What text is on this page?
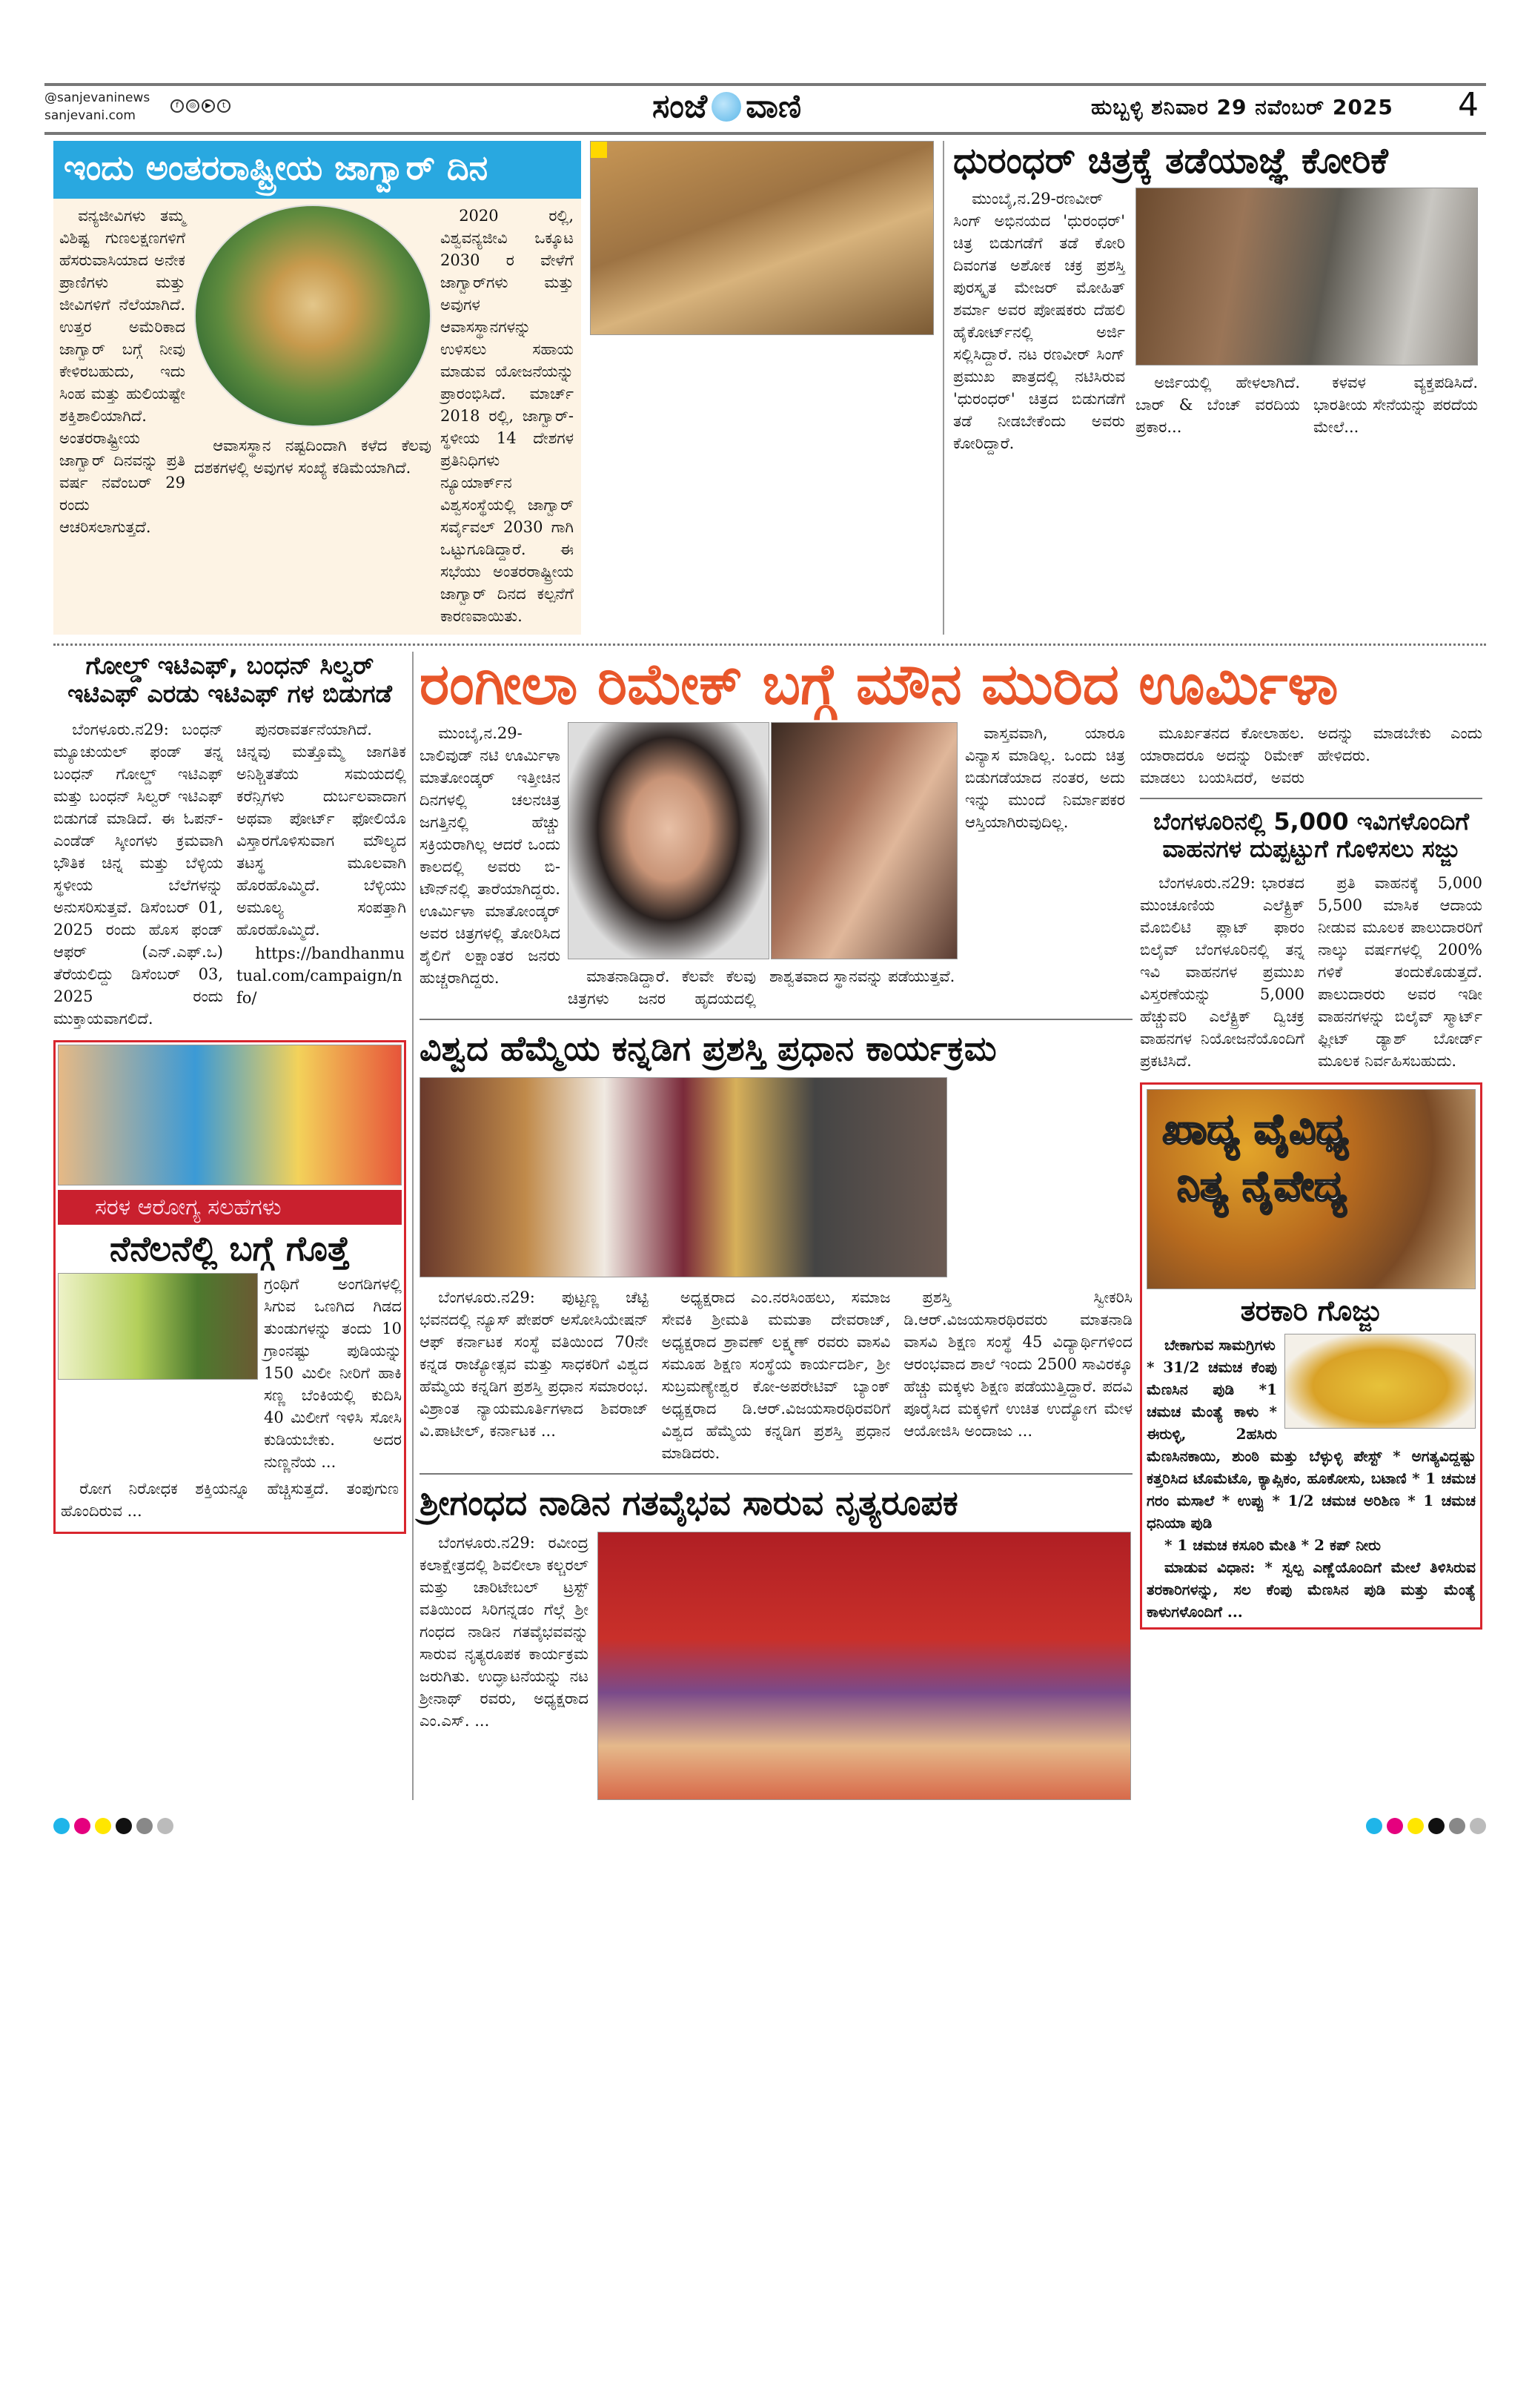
@sanjevaninews
sanjevani.com
f	◎	▶	t	ಸಂಜೆ ವಾಣಿ	ಹುಬ್ಬಳ್ಳಿ ಶನಿವಾರ 29 ನವೆಂಬರ್ 2025 4
ಇಂದು ಅಂತರರಾಷ್ಟ್ರೀಯ ಜಾಗ್ವಾರ್ ದಿನ

ವನ್ಯಜೀವಿಗಳು ತಮ್ಮ ವಿಶಿಷ್ಟ ಗುಣಲಕ್ಷಣಗಳಿಗೆ ಹೆಸರುವಾಸಿಯಾದ ಅನೇಕ ಪ್ರಾಣಿಗಳು ಮತ್ತು ಜೀವಿಗಳಿಗೆ ನೆಲೆಯಾಗಿದೆ. ಉತ್ತರ ಅಮೆರಿಕಾದ ಜಾಗ್ವಾರ್ ಬಗ್ಗೆ ನೀವು ಕೇಳಿರಬಹುದು, ಇದು ಸಿಂಹ ಮತ್ತು ಹುಲಿಯಷ್ಟೇ ಶಕ್ತಿಶಾಲಿಯಾಗಿದೆ. ಅಂತರರಾಷ್ಟ್ರೀಯ ಜಾಗ್ವಾರ್ ದಿನವನ್ನು ಪ್ರತಿ ವರ್ಷ ನವೆಂಬರ್ 29 ರಂದು ಆಚರಿಸಲಾಗುತ್ತದೆ.

ಆವಾಸಸ್ಥಾನ ನಷ್ಟದಿಂದಾಗಿ ಕಳೆದ ಕೆಲವು ದಶಕಗಳಲ್ಲಿ ಅವುಗಳ ಸಂಖ್ಯೆ ಕಡಿಮೆಯಾಗಿದೆ.

2020 ರಲ್ಲಿ, ವಿಶ್ವವನ್ಯಜೀವಿ ಒಕ್ಕೂಟ 2030 ರ ವೇಳೆಗೆ ಜಾಗ್ವಾರ್‌ಗಳು ಮತ್ತು ಅವುಗಳ ಆವಾಸಸ್ಥಾನಗಳನ್ನು ಉಳಿಸಲು ಸಹಾಯ ಮಾಡುವ ಯೋಜನೆಯನ್ನು ಪ್ರಾರಂಭಿಸಿದೆ. ಮಾರ್ಚ್ 2018 ರಲ್ಲಿ, ಜಾಗ್ವಾರ್-ಸ್ಥಳೀಯ 14 ದೇಶಗಳ ಪ್ರತಿನಿಧಿಗಳು ನ್ಯೂಯಾರ್ಕ್‌ನ ವಿಶ್ವಸಂಸ್ಥೆಯಲ್ಲಿ ಜಾಗ್ವಾರ್ ಸರ್ವೈವಲ್ 2030 ಗಾಗಿ ಒಟ್ಟುಗೂಡಿದ್ದಾರೆ. ಈ ಸಭೆಯು ಅಂತರರಾಷ್ಟ್ರೀಯ ಜಾಗ್ವಾರ್ ದಿನದ ಕಲ್ಪನೆಗೆ ಕಾರಣವಾಯಿತು.

ಧುರಂಧರ್ ಚಿತ್ರಕ್ಕೆ ತಡೆಯಾಜ್ಞೆ ಕೋರಿಕೆ

ಮುಂಬೈ,ನ.29-ರಣವೀರ್ ಸಿಂಗ್ ಅಭಿನಯದ 'ಧುರಂಧರ್' ಚಿತ್ರ ಬಿಡುಗಡೆಗೆ ತಡೆ ಕೋರಿ ದಿವಂಗತ ಅಶೋಕ ಚಕ್ರ ಪ್ರಶಸ್ತಿ ಪುರಸ್ಕೃತ ಮೇಜರ್ ಮೋಹಿತ್ ಶರ್ಮಾ ಅವರ ಪೋಷಕರು ದೆಹಲಿ ಹೈಕೋರ್ಟ್‌ನಲ್ಲಿ ಅರ್ಜಿ ಸಲ್ಲಿಸಿದ್ದಾರೆ. ನಟ ರಣವೀರ್ ಸಿಂಗ್ ಪ್ರಮುಖ ಪಾತ್ರದಲ್ಲಿ ನಟಿಸಿರುವ 'ಧುರಂಧರ್' ಚಿತ್ರದ ಬಿಡುಗಡೆಗೆ ತಡೆ ನೀಡಬೇಕೆಂದು ಅವರು ಕೋರಿದ್ದಾರೆ.

ಅರ್ಜಿಯಲ್ಲಿ ಹೇಳಲಾಗಿದೆ. ಬಾರ್ & ಬೆಂಚ್ ವರದಿಯ ಪ್ರಕಾರ...

ಕಳವಳ ವ್ಯಕ್ತಪಡಿಸಿದೆ. ಭಾರತೀಯ ಸೇನೆಯನ್ನು ಪರದೆಯ ಮೇಲೆ...

ಗೋಲ್ಡ್ ಇಟಿಎಫ್, ಬಂಧನ್ ಸಿಲ್ವರ್ ಇಟಿಎಫ್ ಎರಡು ಇಟಿಎಫ್ ಗಳ ಬಿಡುಗಡೆ

ಬೆಂಗಳೂರು.ನ29: ಬಂಧನ್ ಮ್ಯೂಚುಯಲ್ ಫಂಡ್ ತನ್ನ ಬಂಧನ್ ಗೋಲ್ಡ್ ಇಟಿಎಫ್ ಮತ್ತು ಬಂಧನ್ ಸಿಲ್ವರ್ ಇಟಿಎಫ್ ಬಿಡುಗಡೆ ಮಾಡಿದೆ. ಈ ಓಪನ್-ಎಂಡೆಡ್ ಸ್ಕೀಂಗಳು ಕ್ರಮವಾಗಿ ಭೌತಿಕ ಚಿನ್ನ ಮತ್ತು ಬೆಳ್ಳಿಯ ಸ್ಥಳೀಯ ಬೆಲೆಗಳನ್ನು ಅನುಸರಿಸುತ್ತವೆ. ಡಿಸೆಂಬರ್ 01, 2025 ರಂದು ಹೊಸ ಫಂಡ್ ಆಫರ್ (ಎನ್.ಎಫ್.ಒ) ತೆರೆಯಲಿದ್ದು ಡಿಸೆಂಬರ್ 03, 2025 ರಂದು ಮುಕ್ತಾಯವಾಗಲಿದೆ.

ಪುನರಾವರ್ತನೆಯಾಗಿದೆ. ಚಿನ್ನವು ಮತ್ತೊಮ್ಮೆ ಜಾಗತಿಕ ಅನಿಶ್ಚಿತತೆಯ ಸಮಯದಲ್ಲಿ ಕರೆನ್ಸಿಗಳು ದುರ್ಬಲವಾದಾಗ ಅಥವಾ ಪೋರ್ಟ್ ಫೋಲಿಯೊ ವಿಸ್ತಾರಗೊಳಿಸುವಾಗ ಮೌಲ್ಯದ ತಟಸ್ಥ ಮೂಲವಾಗಿ ಹೊರಹೊಮ್ಮಿದೆ. ಬೆಳ್ಳಿಯು ಅಮೂಲ್ಯ ಸಂಪತ್ತಾಗಿ ಹೊರಹೊಮ್ಮಿದೆ.

https://bandhanmutual.com/campaign/nfo/

ಸರಳ ಆರೋಗ್ಯ ಸಲಹೆಗಳು
ನೆನೆಲನೆಲ್ಲಿ ಬಗ್ಗೆ ಗೊತ್ತೆ
ಗ್ರಂಥಿಗೆ ಅಂಗಡಿಗಳಲ್ಲಿ ಸಿಗುವ ಒಣಗಿದ ಗಿಡದ ತುಂಡುಗಳನ್ನು ತಂದು 10 ಗ್ರಾಂನಷ್ಟು ಪುಡಿಯನ್ನು 150 ಮಿಲೀ ನೀರಿಗೆ ಹಾಕಿ ಸಣ್ಣ ಬೆಂಕಿಯಲ್ಲಿ ಕುದಿಸಿ 40 ಮಿಲೀಗೆ ಇಳಿಸಿ ಸೋಸಿ ಕುಡಿಯಬೇಕು. ಅದರ ನುಣ್ಣನೆಯ ...

ರೋಗ ನಿರೋಧಕ ಶಕ್ತಿಯನ್ನೂ ಹೆಚ್ಚಿಸುತ್ತದೆ. ತಂಪುಗುಣ ಹೊಂದಿರುವ ...

ರಂಗೀಲಾ ರಿಮೇಕ್ ಬಗ್ಗೆ ಮೌನ ಮುರಿದ ಊರ್ಮಿಳಾ

ಮುಂಬೈ,ನ.29-ಬಾಲಿವುಡ್ ನಟಿ ಊರ್ಮಿಳಾ ಮಾತೋಂಡ್ಕರ್ ಇತ್ತೀಚಿನ ದಿನಗಳಲ್ಲಿ ಚಲನಚಿತ್ರ ಜಗತ್ತಿನಲ್ಲಿ ಹೆಚ್ಚು ಸಕ್ರಿಯರಾಗಿಲ್ಲ ಆದರೆ ಒಂದು ಕಾಲದಲ್ಲಿ ಅವರು ಬಿ-ಟೌನ್‌ನಲ್ಲಿ ತಾರೆಯಾಗಿದ್ದರು. ಊರ್ಮಿಳಾ ಮಾತೋಂಡ್ಕರ್ ಅವರ ಚಿತ್ರಗಳಲ್ಲಿ ತೋರಿಸಿದ ಶೈಲಿಗೆ ಲಕ್ಷಾಂತರ ಜನರು ಹುಚ್ಚರಾಗಿದ್ದರು.	ಮಾತನಾಡಿದ್ದಾರೆ. ಕೆಲವೇ ಕೆಲವು ಚಿತ್ರಗಳು ಜನರ ಹೃದಯದಲ್ಲಿ ಶಾಶ್ವತವಾದ ಸ್ಥಾನವನ್ನು ಪಡೆಯುತ್ತವೆ.

ವಾಸ್ತವವಾಗಿ, ಯಾರೂ ವಿನ್ಯಾಸ ಮಾಡಿಲ್ಲ. ಒಂದು ಚಿತ್ರ ಬಿಡುಗಡೆಯಾದ ನಂತರ, ಅದು ಇನ್ನು ಮುಂದೆ ನಿರ್ಮಾಪಕರ ಆಸ್ತಿಯಾಗಿರುವುದಿಲ್ಲ.

ವಿಶ್ವದ ಹೆಮ್ಮೆಯ ಕನ್ನಡಿಗ ಪ್ರಶಸ್ತಿ ಪ್ರಧಾನ ಕಾರ್ಯಕ್ರಮ

ಬೆಂಗಳೂರು.ನ29: ಪುಟ್ಟಣ್ಣ ಚೆಟ್ಟಿ ಭವನದಲ್ಲಿ ನ್ಯೂಸ್ ಪೇಪರ್ ಅಸೋಸಿಯೇಷನ್ ಆಫ್ ಕರ್ನಾಟಕ ಸಂಸ್ಥೆ ವತಿಯಿಂದ 70ನೇ ಕನ್ನಡ ರಾಜ್ಯೋತ್ಸವ ಮತ್ತು ಸಾಧಕರಿಗೆ ವಿಶ್ವದ ಹೆಮ್ಮೆಯ ಕನ್ನಡಿಗ ಪ್ರಶಸ್ತಿ ಪ್ರಧಾನ ಸಮಾರಂಭ. ವಿಶ್ರಾಂತ ನ್ಯಾಯಮೂರ್ತಿಗಳಾದ ಶಿವರಾಜ್ ವಿ.ಪಾಟೀಲ್, ಕರ್ನಾಟಕ ...

ಅಧ್ಯಕ್ಷರಾದ ಎಂ.ನರಸಿಂಹಲು, ಸಮಾಜ ಸೇವಕಿ ಶ್ರೀಮತಿ ಮಮತಾ ದೇವರಾಜ್, ಅಧ್ಯಕ್ಷರಾದ ಶ್ರಾವಣ್ ಲಕ್ಷ್ಮಣ್ ರವರು ವಾಸವಿ ಸಮೂಹ ಶಿಕ್ಷಣ ಸಂಸ್ಥೆಯ ಕಾರ್ಯದರ್ಶಿ, ಶ್ರೀ ಸುಬ್ರಮಣ್ಯೇಶ್ವರ ಕೋ-ಅಪರೇಟಿವ್ ಬ್ಯಾಂಕ್ ಅಧ್ಯಕ್ಷರಾದ ಡಿ.ಆರ್.ವಿಜಯಸಾರಥಿರವರಿಗೆ ವಿಶ್ವದ ಹೆಮ್ಮೆಯ ಕನ್ನಡಿಗ ಪ್ರಶಸ್ತಿ ಪ್ರಧಾನ ಮಾಡಿದರು.

ಪ್ರಶಸ್ತಿ ಸ್ವೀಕರಿಸಿ ಡಿ.ಆರ್.ವಿಜಯಸಾರಥಿರವರು ಮಾತನಾಡಿ ವಾಸವಿ ಶಿಕ್ಷಣ ಸಂಸ್ಥೆ 45 ವಿದ್ಯಾರ್ಥಿಗಳಿಂದ ಆರಂಭವಾದ ಶಾಲೆ ಇಂದು 2500 ಸಾವಿರಕ್ಕೂ ಹೆಚ್ಚು ಮಕ್ಕಳು ಶಿಕ್ಷಣ ಪಡೆಯುತ್ತಿದ್ದಾರೆ. ಪದವಿ ಪೂರೈಸಿದ ಮಕ್ಕಳಿಗೆ ಉಚಿತ ಉದ್ಯೋಗ ಮೇಳ ಆಯೋಜಿಸಿ ಅಂದಾಜು ...

ಶ್ರೀಗಂಧದ ನಾಡಿನ ಗತವೈಭವ ಸಾರುವ ನೃತ್ಯರೂಪಕ

ಬೆಂಗಳೂರು.ನ29: ರವೀಂದ್ರ ಕಲಾಕ್ಷೇತ್ರದಲ್ಲಿ ಶಿವಲೀಲಾ ಕಲ್ಚರಲ್ ಮತ್ತು ಚಾರಿಟೇಬಲ್ ಟ್ರಸ್ಟ್ ವತಿಯಿಂದ ಸಿರಿಗನ್ನಡಂ ಗೆಲ್ಗೆ ಶ್ರೀ ಗಂಧದ ನಾಡಿನ ಗತವೈಭವವನ್ನು ಸಾರುವ ನೃತ್ಯರೂಪಕ ಕಾರ್ಯಕ್ರಮ ಜರುಗಿತು. ಉದ್ಘಾಟನೆಯನ್ನು ನಟ ಶ್ರೀನಾಥ್ ರವರು, ಅಧ್ಯಕ್ಷರಾದ ಎಂ.ಎಸ್. ...

ಮೂರ್ಖತನದ ಕೋಲಾಹಲ. ಯಾರಾದರೂ ಅದನ್ನು ರಿಮೇಕ್ ಮಾಡಲು ಬಯಸಿದರೆ, ಅವರು ಅದನ್ನು ಮಾಡಬೇಕು ಎಂದು ಹೇಳಿದರು.

ಬೆಂಗಳೂರಿನಲ್ಲಿ 5,000 ಇವಿಗಳೊಂದಿಗೆ ವಾಹನಗಳ ದುಪ್ಪಟ್ಟುಗೆ ಗೊಳಿಸಲು ಸಜ್ಜು

ಬೆಂಗಳೂರು.ನ29: ಭಾರತದ ಮುಂಚೂಣಿಯ ಎಲೆಕ್ಟ್ರಿಕ್ ಮೊಬಿಲಿಟಿ ಪ್ಲಾಟ್ ಫಾರಂ ಬಿಲೈವ್ ಬೆಂಗಳೂರಿನಲ್ಲಿ ತನ್ನ ಇವಿ ವಾಹನಗಳ ಪ್ರಮುಖ ವಿಸ್ತರಣೆಯನ್ನು 5,000 ಹೆಚ್ಚುವರಿ ಎಲೆಕ್ಟ್ರಿಕ್ ದ್ವಿಚಕ್ರ ವಾಹನಗಳ ನಿಯೋಜನೆಯೊಂದಿಗೆ ಪ್ರಕಟಿಸಿದೆ.

ಪ್ರತಿ ವಾಹನಕ್ಕೆ 5,000 5,500 ಮಾಸಿಕ ಆದಾಯ ನೀಡುವ ಮೂಲಕ ಪಾಲುದಾರರಿಗೆ ನಾಲ್ಕು ವರ್ಷಗಳಲ್ಲಿ 200% ಗಳಿಕೆ ತಂದುಕೊಡುತ್ತದೆ. ಪಾಲುದಾರರು ಅವರ ಇಡೀ ವಾಹನಗಳನ್ನು ಬಿಲೈವ್ ಸ್ಮಾರ್ಟ್ ಫ್ಲೀಟ್ ಡ್ಯಾಶ್ ಬೋರ್ಡ್ ಮೂಲಕ ನಿರ್ವಹಿಸಬಹುದು.

ಖಾದ್ಯ ವೈವಿಧ್ಯ
ನಿತ್ಯ ನೈವೇದ್ಯ
ತರಕಾರಿ ಗೊಜ್ಜು
ಬೇಕಾಗುವ ಸಾಮಗ್ರಿಗಳು
* 31/2 ಚಮಚ ಕೆಂಪು ಮೆಣಸಿನ ಪುಡಿ *1 ಚಮಚ ಮೆಂತ್ಯೆ ಕಾಳು * ಈರುಳ್ಳಿ, 2ಹಸಿರು ಮೆಣಸಿನಕಾಯಿ, ಶುಂಠಿ ಮತ್ತು ಬೆಳ್ಳುಳ್ಳಿ ಪೇಸ್ಟ್ * ಅಗತ್ಯವಿದ್ದಷ್ಟು ಕತ್ತರಿಸಿದ ಟೊಮೆಟೊ, ಕ್ಯಾಪ್ಸಿಕಂ, ಹೂಕೋಸು, ಬಟಾಣಿ * 1 ಚಮಚ ಗರಂ ಮಸಾಲೆ * ಉಪ್ಪು * 1/2 ಚಮಚ ಅರಿಶಿಣ * 1 ಚಮಚ ಧನಿಯಾ ಪುಡಿ
* 1 ಚಮಚ ಕಸೂರಿ ಮೇತಿ * 2 ಕಪ್ ನೀರು
ಮಾಡುವ ವಿಧಾನ: * ಸ್ವಲ್ಪ ಎಣ್ಣೆಯೊಂದಿಗೆ ಮೇಲೆ ತಿಳಿಸಿರುವ ತರಕಾರಿಗಳನ್ನು, ಸಲ ಕೆಂಪು ಮೆಣಸಿನ ಪುಡಿ ಮತ್ತು ಮೆಂತ್ಯೆ ಕಾಳುಗಳೊಂದಿಗೆ ...
